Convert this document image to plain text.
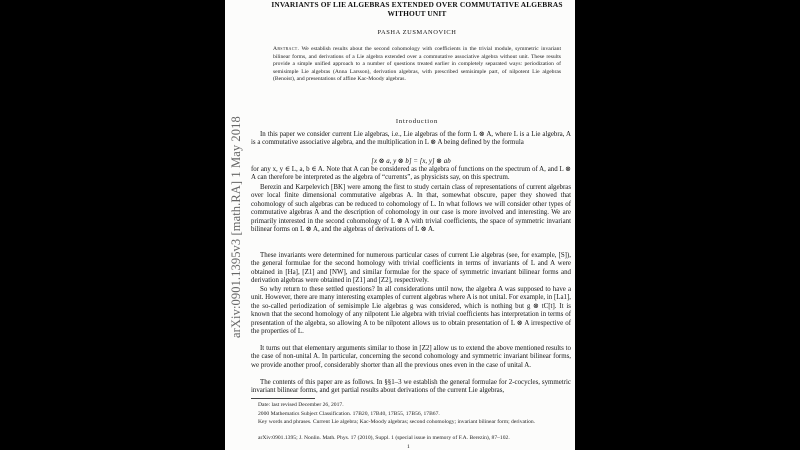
arXiv:0901.1395v3 [math.RA] 1 May 2018
INVARIANTS OF LIE ALGEBRAS EXTENDED OVER COMMUTATIVE ALGEBRAS
WITHOUT UNIT
PASHA ZUSMANOVICH
Abstract. We establish results about the second cohomology with coefficients in the trivial module, symmetric invariant bilinear forms, and derivations of a Lie algebra extended over a commutative associative algebra without unit. These results provide a simple unified approach to a number of questions treated earlier in completely separated ways: periodization of semisimple Lie algebras (Anna Larsson), derivation algebras, with prescribed semisimple part, of nilpotent Lie algebras (Benoist), and presentations of affine Kac-Moody algebras.
Introduction

In this paper we consider current Lie algebras, i.e., Lie algebras of the form L ⊗ A, where L is a Lie algebra, A is a commutative associative algebra, and the multiplication in L ⊗ A being defined by the formula

[x ⊗ a, y ⊗ b] = [x, y] ⊗ ab

for any x, y ∈ L, a, b ∈ A. Note that A can be considered as the algebra of functions on the spectrum of A, and L ⊗ A can therefore be interpreted as the algebra of “currents”, as physicists say, on this spectrum.

Berezin and Karpelevich [BK] were among the first to study certain class of representations of current algebras over local finite dimensional commutative algebras A. In that, somewhat obscure, paper they showed that cohomology of such algebras can be reduced to cohomology of L. In what follows we will consider other types of commutative algebras A and the description of cohomology in our case is more involved and interesting. We are primarily interested in the second cohomology of L ⊗ A with trivial coefficients, the space of symmetric invariant bilinear forms on L ⊗ A, and the algebras of derivations of L ⊗ A.

These invariants were determined for numerous particular cases of current Lie algebras (see, for example, [S]), the general formulae for the second homology with trivial coefficients in terms of invariants of L and A were obtained in [Ha], [Z1] and [NW], and similar formulae for the space of symmetric invariant bilinear forms and derivation algebras were obtained in [Z1] and [Z2], respectively.

So why return to these settled questions? In all considerations until now, the algebra A was supposed to have a unit. However, there are many interesting examples of current algebras where A is not unital. For example, in [La1], the so-called periodization of semisimple Lie algebras g was considered, which is nothing but g ⊗ tC[t]. It is known that the second homology of any nilpotent Lie algebra with trivial coefficients has interpretation in terms of presentation of the algebra, so allowing A to be nilpotent allows us to obtain presentation of L ⊗ A irrespective of the properties of L.

It turns out that elementary arguments similar to those in [Z2] allow us to extend the above mentioned results to the case of non-unital A. In particular, concerning the second cohomology and symmetric invariant bilinear forms, we provide another proof, considerably shorter than all the previous ones even in the case of unital A.

The contents of this paper are as follows. In §§1–3 we establish the general formulae for 2-cocycles, symmetric invariant bilinear forms, and get partial results about derivations of the current Lie algebras,

Date: last revised December 26, 2017.
2000 Mathematics Subject Classification. 17B20, 17B40, 17B55, 17B56, 17B67.
Key words and phrases. Current Lie algebra; Kac-Moody algebras; second cohomology; invariant bilinear form; derivation.
arXiv:0901.1395; J. Nonlin. Math. Phys. 17 (2010), Suppl. 1 (special issue in memory of F.A. Berezin), 87–102.
1
